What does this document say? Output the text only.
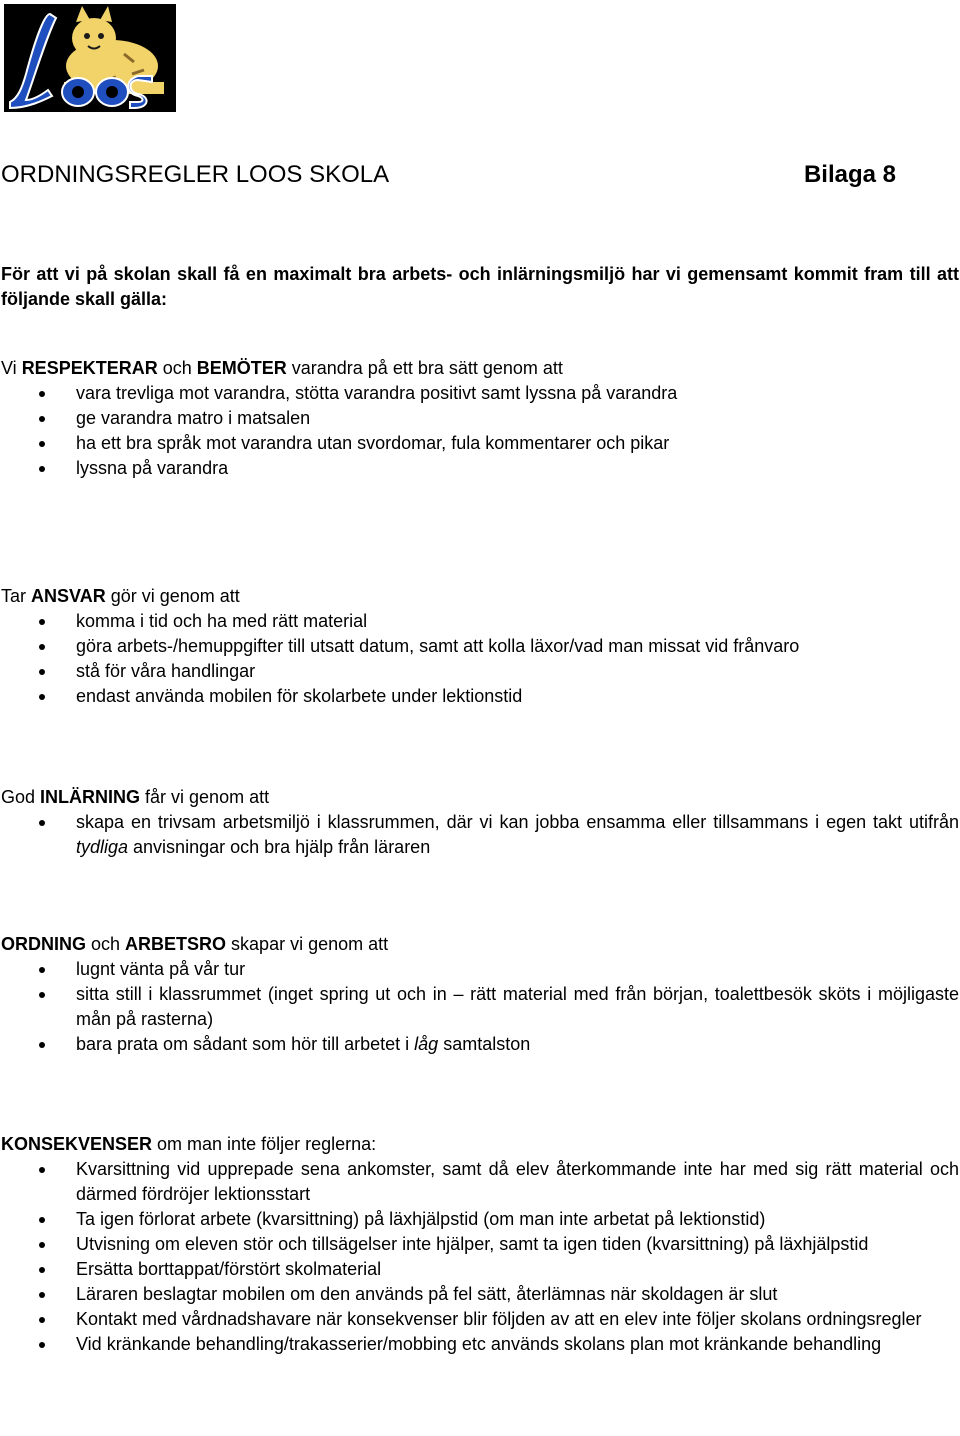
ORDNINGSREGLER LOOS SKOLA	Bilaga 8

För att vi på skolan skall få en maximalt bra arbets- och inlärningsmiljö har vi gemensamt kommit fram till att följande skall gälla:

Vi RESPEKTERAR och BEMÖTER varandra på ett bra sätt genom att

vara trevliga mot varandra, stötta varandra positivt samt lyssna på varandra
ge varandra matro i matsalen
ha ett bra språk mot varandra utan svordomar, fula kommentarer och pikar
lyssna på varandra

Tar ANSVAR gör vi genom att

komma i tid och ha med rätt material
göra arbets-/hemuppgifter till utsatt datum, samt att kolla läxor/vad man missat vid frånvaro
stå för våra handlingar
endast använda mobilen för skolarbete under lektionstid

God INLÄRNING får vi genom att

skapa en trivsam arbetsmiljö i klassrummen, där vi kan jobba ensamma eller tillsammans i egen takt utifrån tydliga anvisningar och bra hjälp från läraren

ORDNING och ARBETSRO skapar vi genom att

lugnt vänta på vår tur
sitta still i klassrummet (inget spring ut och in – rätt material med från början, toalettbesök sköts i möjligaste mån på rasterna)
bara prata om sådant som hör till arbetet i låg samtalston

KONSEKVENSER om man inte följer reglerna:

Kvarsittning vid upprepade sena ankomster, samt då elev återkommande inte har med sig rätt material och därmed fördröjer lektionsstart
Ta igen förlorat arbete (kvarsittning) på läxhjälpstid (om man inte arbetat på lektionstid)
Utvisning om eleven stör och tillsägelser inte hjälper, samt ta igen tiden (kvarsittning) på läxhjälpstid
Ersätta borttappat/förstört skolmaterial
Läraren beslagtar mobilen om den används på fel sätt, återlämnas när skoldagen är slut
Kontakt med vårdnadshavare när konsekvenser blir följden av att en elev inte följer skolans ordningsregler
Vid kränkande behandling/trakasserier/mobbing etc används skolans plan mot kränkande behandling
